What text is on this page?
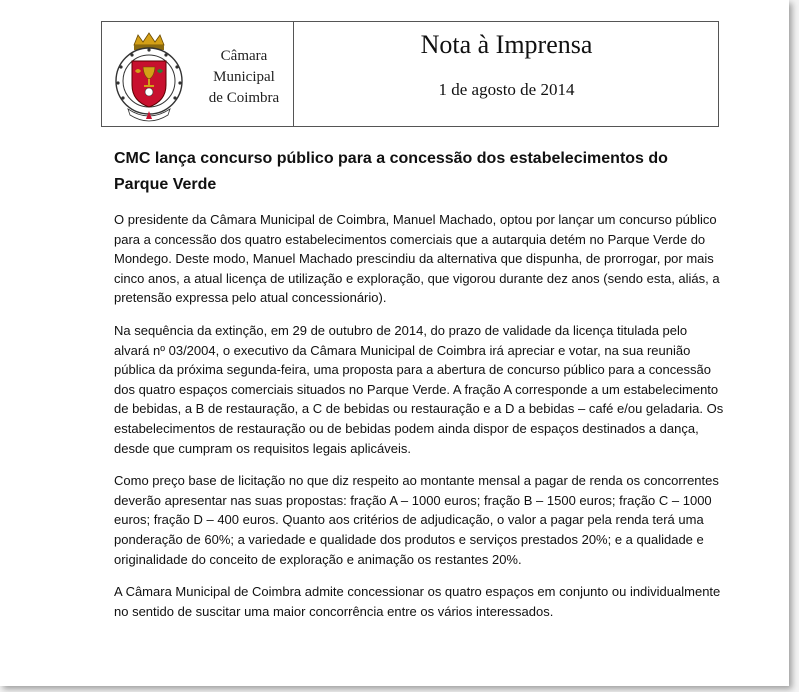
Câmara
Municipal
de Coimbra
Nota à Imprensa
1 de agosto de 2014
CMC lança concurso público para a concessão dos estabelecimentos do Parque Verde

O presidente da Câmara Municipal de Coimbra, Manuel Machado, optou por lançar um concurso público para a concessão dos quatro estabelecimentos comerciais que a autarquia detém no Parque Verde do Mondego. Deste modo, Manuel Machado prescindiu da alternativa que dispunha, de prorrogar, por mais cinco anos, a atual licença de utilização e exploração, que vigorou durante dez anos (sendo esta, aliás, a pretensão expressa pelo atual concessionário).

Na sequência da extinção, em 29 de outubro de 2014, do prazo de validade da licença titulada pelo alvará nº 03/2004, o executivo da Câmara Municipal de Coimbra irá apreciar e votar, na sua reunião pública da próxima segunda-feira, uma proposta para a abertura de concurso público para a concessão dos quatro espaços comerciais situados no Parque Verde. A fração A corresponde a um estabelecimento de bebidas, a B de restauração, a C de bebidas ou restauração e a D a bebidas – café e/ou geladaria. Os estabelecimentos de restauração ou de bebidas podem ainda dispor de espaços destinados a dança, desde que cumpram os requisitos legais aplicáveis.

Como preço base de licitação no que diz respeito ao montante mensal a pagar de renda os concorrentes deverão apresentar nas suas propostas: fração A – 1000 euros; fração B – 1500 euros; fração C – 1000 euros; fração D – 400 euros. Quanto aos critérios de adjudicação, o valor a pagar pela renda terá uma ponderação de 60%; a variedade e qualidade dos produtos e serviços prestados 20%; e a qualidade e originalidade do conceito de exploração e animação os restantes 20%.

A Câmara Municipal de Coimbra admite concessionar os quatro espaços em conjunto ou individualmente no sentido de suscitar uma maior concorrência entre os vários interessados.
